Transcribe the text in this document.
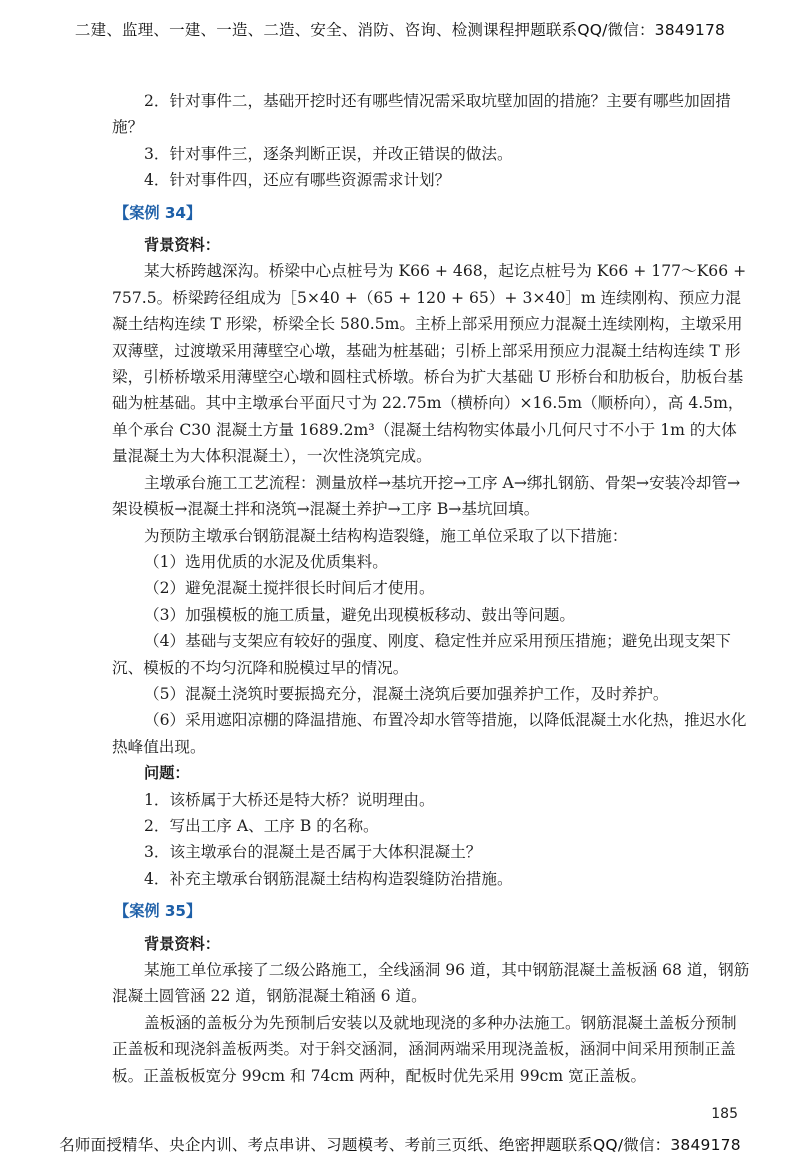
二建、监理、一建、一造、二造、安全、消防、咨询、检测课程押题联系QQ/微信：3849178

2．针对事件二，基础开挖时还有哪些情况需采取坑壁加固的措施？主要有哪些加固措施？

3．针对事件三，逐条判断正误，并改正错误的做法。

4．针对事件四，还应有哪些资源需求计划？

【案例 34】

背景资料：

某大桥跨越深沟。桥梁中心点桩号为 K66 + 468，起讫点桩号为 K66 + 177～K66 + 757.5。桥梁跨径组成为［5×40 +（65 + 120 + 65）+ 3×40］m 连续刚构、预应力混凝土结构连续 T 形梁，桥梁全长 580.5m。主桥上部采用预应力混凝土连续刚构，主墩采用双薄壁，过渡墩采用薄壁空心墩，基础为桩基础；引桥上部采用预应力混凝土结构连续 T 形梁，引桥桥墩采用薄壁空心墩和圆柱式桥墩。桥台为扩大基础 U 形桥台和肋板台，肋板台基础为桩基础。其中主墩承台平面尺寸为 22.75m（横桥向）×16.5m（顺桥向），高 4.5m，单个承台 C30 混凝土方量 1689.2m³（混凝土结构物实体最小几何尺寸不小于 1m 的大体量混凝土为大体积混凝土），一次性浇筑完成。

主墩承台施工工艺流程：测量放样→基坑开挖→工序 A→绑扎钢筋、骨架→安装冷却管→架设模板→混凝土拌和浇筑→混凝土养护→工序 B→基坑回填。

为预防主墩承台钢筋混凝土结构构造裂缝，施工单位采取了以下措施：

（1）选用优质的水泥及优质集料。

（2）避免混凝土搅拌很长时间后才使用。

（3）加强模板的施工质量，避免出现模板移动、鼓出等问题。

（4）基础与支架应有较好的强度、刚度、稳定性并应采用预压措施；避免出现支架下沉、模板的不均匀沉降和脱模过早的情况。

（5）混凝土浇筑时要振捣充分，混凝土浇筑后要加强养护工作，及时养护。

（6）采用遮阳凉棚的降温措施、布置冷却水管等措施，以降低混凝土水化热，推迟水化热峰值出现。

问题：

1．该桥属于大桥还是特大桥？说明理由。

2．写出工序 A、工序 B 的名称。

3．该主墩承台的混凝土是否属于大体积混凝土？

4．补充主墩承台钢筋混凝土结构构造裂缝防治措施。

【案例 35】

背景资料：

某施工单位承接了二级公路施工，全线涵洞 96 道，其中钢筋混凝土盖板涵 68 道，钢筋混凝土圆管涵 22 道，钢筋混凝土箱涵 6 道。

盖板涵的盖板分为先预制后安装以及就地现浇的多种办法施工。钢筋混凝土盖板分预制正盖板和现浇斜盖板两类。对于斜交涵洞，涵洞两端采用现浇盖板，涵洞中间采用预制正盖板。正盖板板宽分 99cm 和 74cm 两种，配板时优先采用 99cm 宽正盖板。

185
名师面授精华、央企内训、考点串讲、习题模考、考前三页纸、绝密押题联系QQ/微信：3849178
